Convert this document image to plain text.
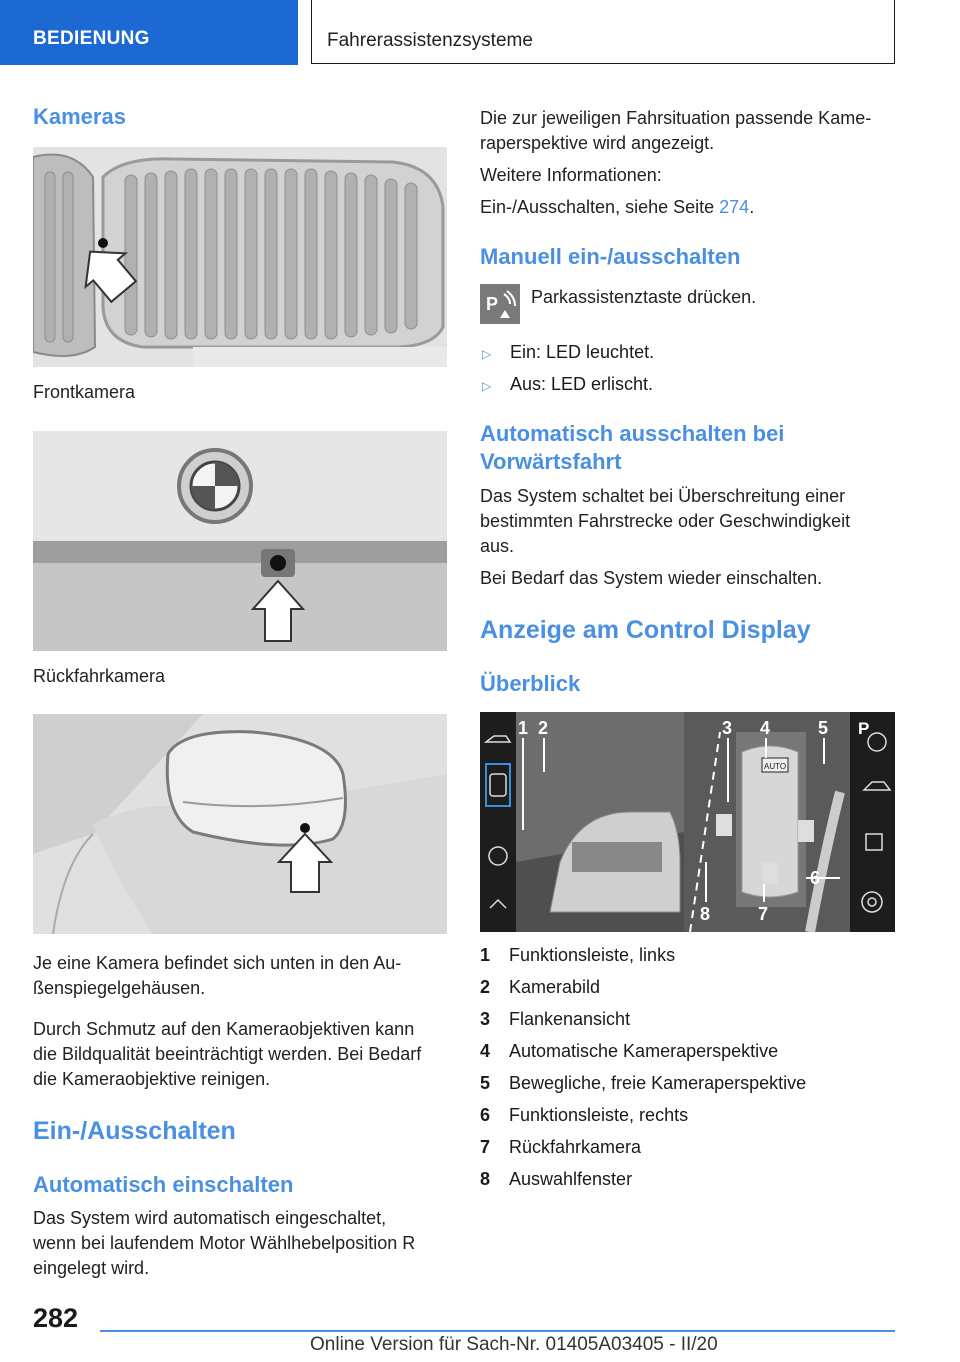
BEDIENUNG	Fahrerassistenzsysteme
Kameras
Frontkamera
Rückfahrkamera
Je eine Kamera befindet sich unten in den Au‐
ßenspiegelgehäusen.
Durch Schmutz auf den Kameraobjektiven kann
die Bildqualität beeinträchtigt werden. Bei Bedarf
die Kameraobjektive reinigen.
Ein-/Ausschalten
Automatisch einschalten
Das System wird automatisch eingeschaltet,
wenn bei laufendem Motor Wählhebelposition R
eingelegt wird.
Die zur jeweiligen Fahrsituation passende Kame‐
raperspektive wird angezeigt.
Weitere Informationen:
Ein-/Ausschalten, siehe Seite 274.
Manuell ein-/ausschalten
P Parkassistenztaste drücken.
▷ Ein: LED leuchtet.
▷ Aus: LED erlischt.
Automatisch ausschalten bei
Vorwärtsfahrt
Das System schaltet bei Überschreitung einer
bestimmten Fahrstrecke oder Geschwindigkeit
aus.
Bei Bedarf das System wieder einschalten.
Anzeige am Control Display
Überblick
AUTO
P
1 2	3 4	5
6
7
8
1	Funktionsleiste, links
2	Kamerabild
3	Flankenansicht
4	Automatische Kameraperspektive
5	Bewegliche, freie Kameraperspektive
6	Funktionsleiste, rechts
7	Rückfahrkamera
8	Auswahlfenster
282
Online Version für Sach-Nr. 01405A03405 - II/20
